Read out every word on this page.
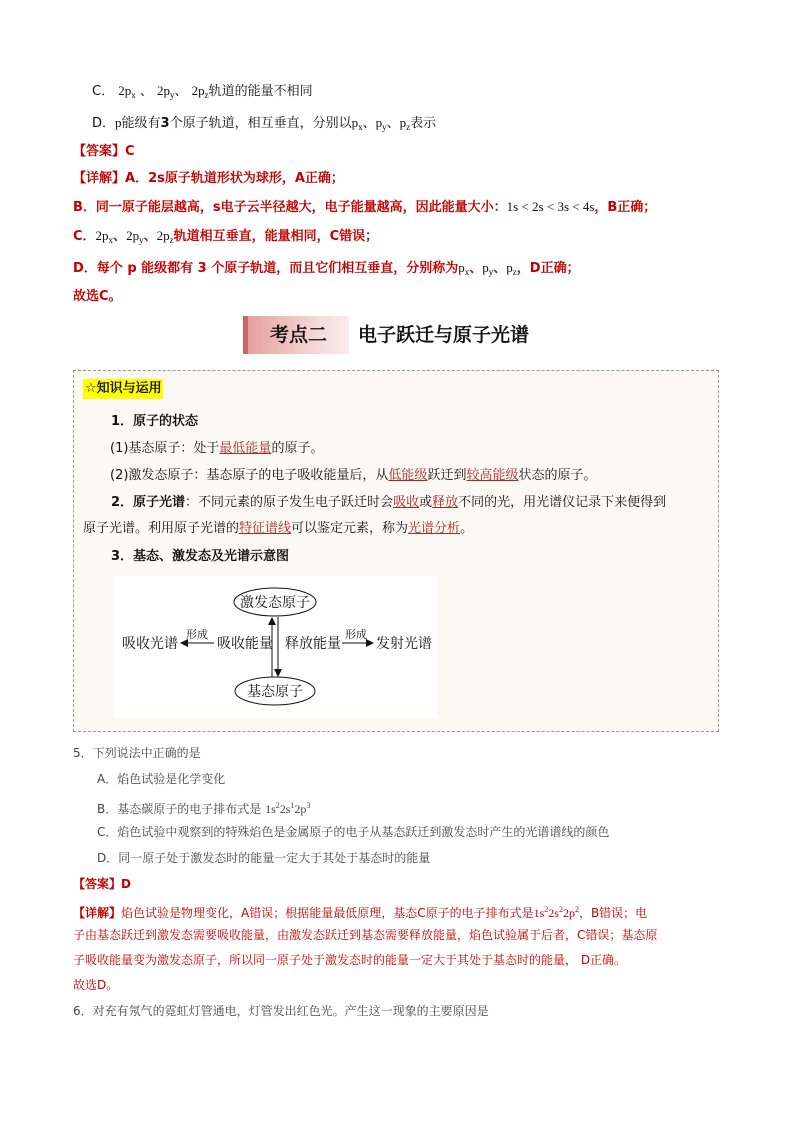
C． $2p_x$ 、 $2p_y$、 $2p_z$轨道的能量不相同
D．p能级有3个原子轨道，相互垂直，分别以$p_x$、$p_y$、$p_z$表示
【答案】C
【详解】A．2s原子轨道形状为球形，A正确；
B．同一原子能层越高，s电子云半径越大，电子能量越高，因此能量大小：1s < 2s < 3s < 4s，B正确；
C．$2p_x$、$2p_y$、$2p_z$轨道相互垂直，能量相同，C错误；
D．每个 p 能级都有 3 个原子轨道，而且它们相互垂直，分别称为$p_x$、$p_y$、$p_z$，D正确；
故选C。
考点二	电子跃迁与原子光谱
☆知识与运用
1．原子的状态
(1)基态原子：处于最低能量的原子。
(2)激发态原子：基态原子的电子吸收能量后，从低能级跃迁到较高能级状态的原子。
2．原子光谱：不同元素的原子发生电子跃迁时会吸收或释放不同的光，用光谱仪记录下来便得到
原子光谱。利用原子光谱的特征谱线可以鉴定元素，称为光谱分析。
3．基态、激发态及光谱示意图
激发态原子
基态原子
吸收能量 释放能量
吸收光谱	发射光谱
形成	形成
5．下列说法中正确的是
A．焰色试验是化学变化
B．基态碳原子的电子排布式是 $1s^22s^12p^3$
C．焰色试验中观察到的特殊焰色是金属原子的电子从基态跃迁到激发态时产生的光谱谱线的颜色
D．同一原子处于激发态时的能量一定大于其处于基态时的能量
【答案】D
【详解】焰色试验是物理变化，A错误；根据能量最低原理，基态C原子的电子排布式是$1s^22s^22p^2$，B错误；电
子由基态跃迁到激发态需要吸收能量，由激发态跃迁到基态需要释放能量，焰色试验属于后者，C错误；基态原
子吸收能量变为激发态原子，所以同一原子处于激发态时的能量一定大于其处于基态时的能量， D正确。
故选D。
6．对充有氖气的霓虹灯管通电，灯管发出红色光。产生这一现象的主要原因是
